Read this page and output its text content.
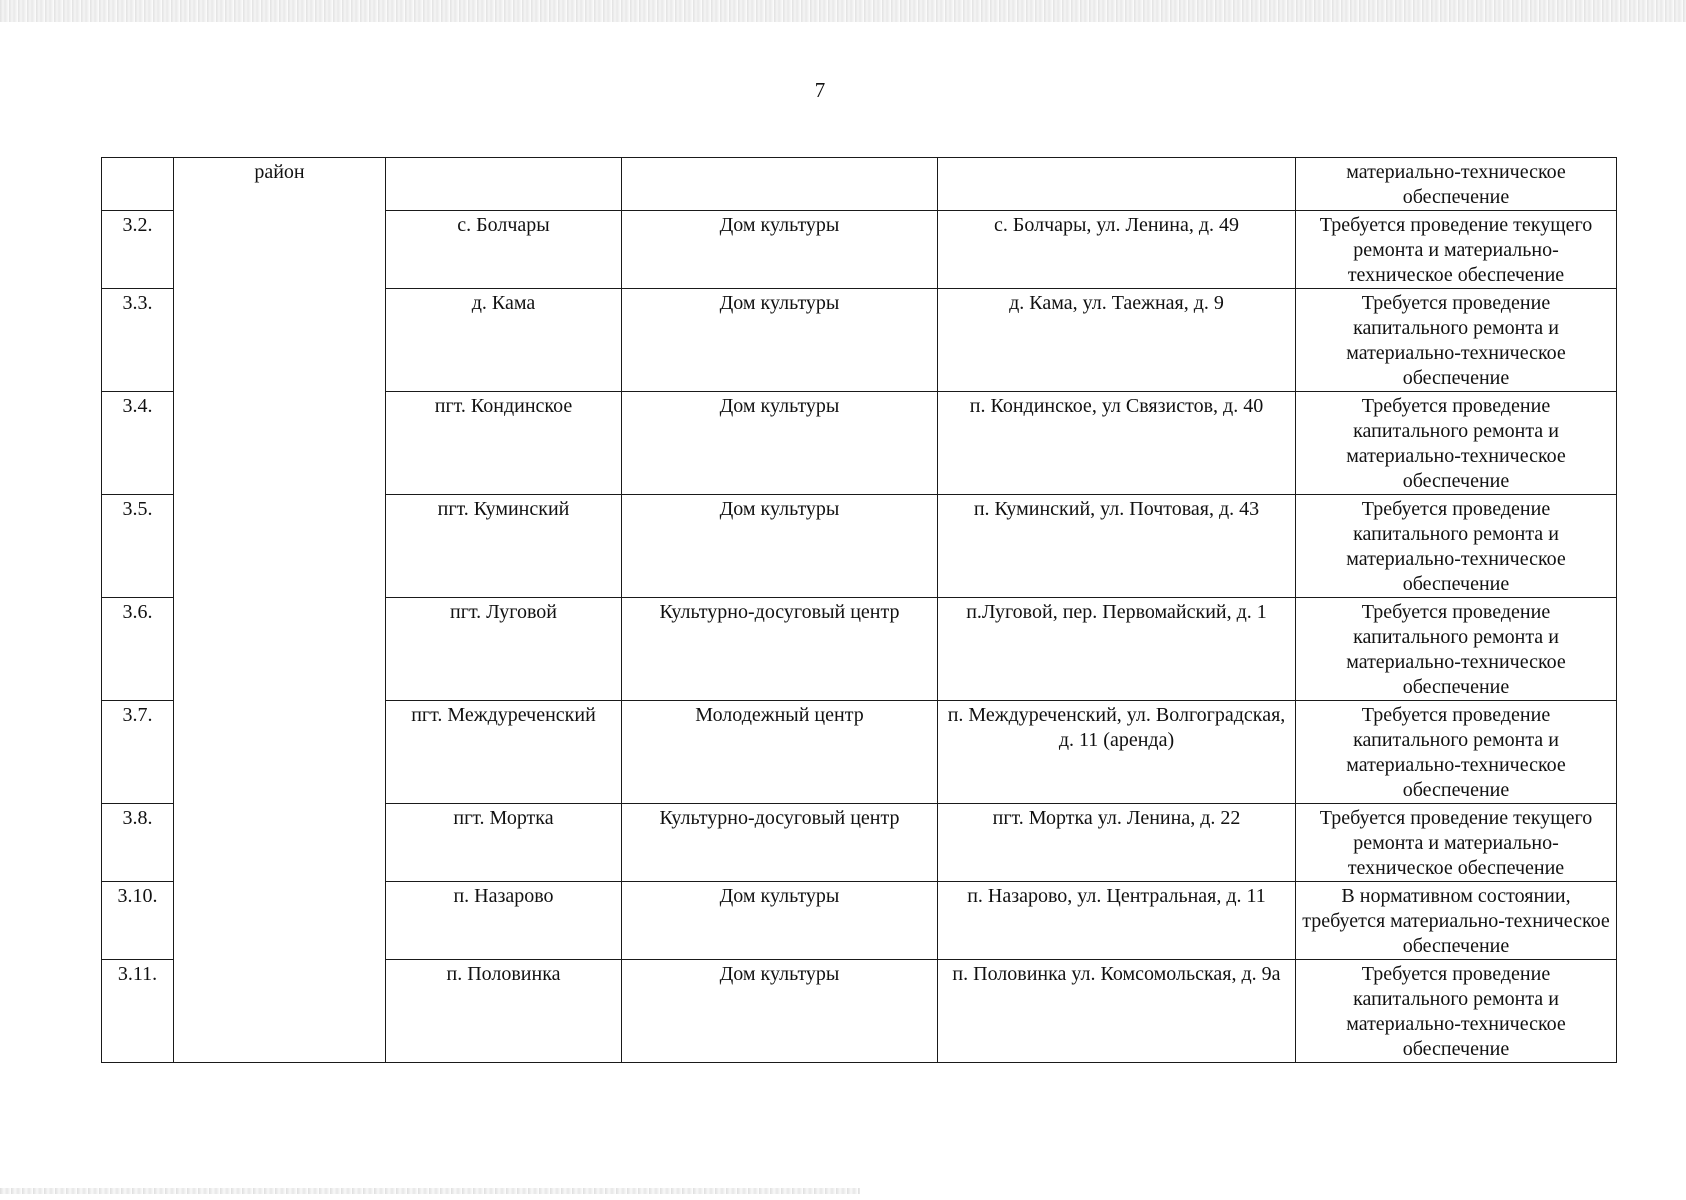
7
	район				материально-техническое обеспечение
3.2.		с. Болчары	Дом культуры	с. Болчары, ул. Ленина, д. 49	Требуется проведение текущего ремонта и материально-техническое обеспечение
3.3.		д. Кама	Дом культуры	д. Кама, ул. Таежная, д. 9	Требуется проведение капитального ремонта и материально-техническое обеспечение
3.4.		пгт. Кондинское	Дом культуры	п. Кондинское, ул Связистов, д. 40	Требуется проведение капитального ремонта и материально-техническое обеспечение
3.5.		пгт. Куминский	Дом культуры	п. Куминский, ул. Почтовая, д. 43	Требуется проведение капитального ремонта и материально-техническое обеспечение
3.6.		пгт. Луговой	Культурно-досуговый центр	п.Луговой, пер. Первомайский, д. 1	Требуется проведение капитального ремонта и материально-техническое обеспечение
3.7.		пгт. Междуреченский	Молодежный центр	п. Междуреченский, ул. Волгоградская, д. 11 (аренда)	Требуется проведение капитального ремонта и материально-техническое обеспечение
3.8.		пгт. Мортка	Культурно-досуговый центр	пгт. Мортка ул. Ленина, д. 22	Требуется проведение текущего ремонта и материально-техническое обеспечение
3.10.		п. Назарово	Дом культуры	п. Назарово, ул. Центральная, д. 11	В нормативном состоянии, требуется материально-техническое обеспечение
3.11.		п. Половинка	Дом культуры	п. Половинка ул. Комсомольская, д. 9а	Требуется проведение капитального ремонта и материально-техническое обеспечение
